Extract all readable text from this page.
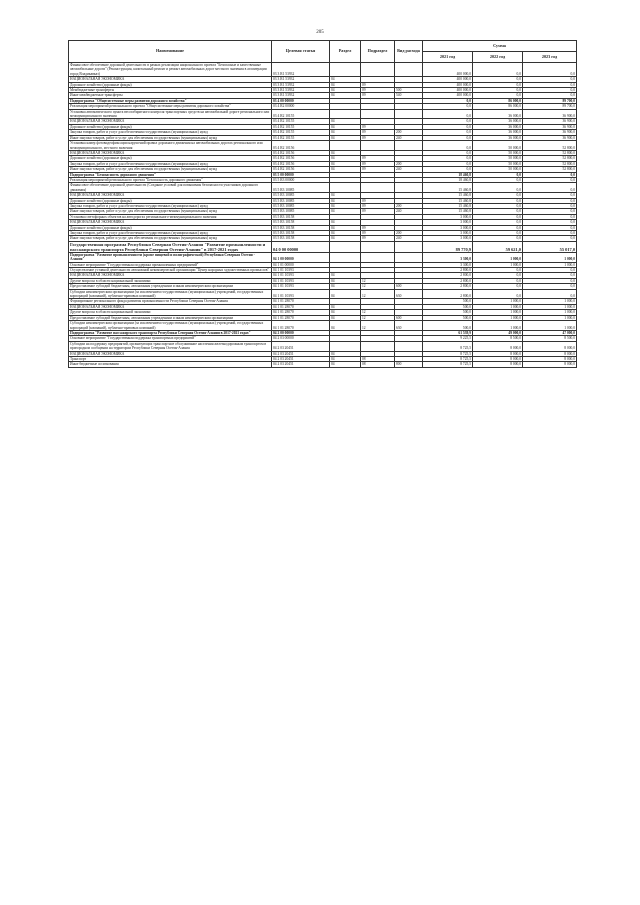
205
Наименование	Целевая статья	Раздел	Подраздел	Вид расхода	Сумма		
					2021 год	2022 год	2023 год
Финансовое обеспечение дорожной деятельности в рамках реализации национального проекта "Безопасные и качественные автомобильные дороги" (Реконструкция, капитальный ремонт и ремонт автомобильных дорог местного значения в агломерации город Владикавказ)	03 3 R1 53932				400 000,0	0,0	0,0
НАЦИОНАЛЬНАЯ ЭКОНОМИКА	03 3 R1 53932	04			400 000,0	0,0	0,0
Дорожное хозяйство (дорожные фонды)	03 3 R1 53932	04	09		400 000,0	0,0	0,0
Межбюджетные трансферты	03 3 R1 53932	04	09	500	400 000,0	0,0	0,0
Иные межбюджетные трансферты	03 3 R1 53932	04	09	540	400 000,0	0,0	0,0
Подпрограмма "Общесистемные меры развития дорожного хозяйства"	03 4 00 00000				0,0	86 000,0	89 700,0
Реализация мероприятий регионального проекта "Общесистемные меры развития дорожного хозяйства"	03 4 R2 00000				0,0	86 000,0	89 700,0
Установка автоматического пункта весогабаритного контроля транспортных средств на автомобильной дороге регионального или межмуниципального значения	03 4 R2 10155				0,0	36 000,0	36 900,0
НАЦИОНАЛЬНАЯ ЭКОНОМИКА	03 4 R2 10155	04			0,0	36 000,0	36 900,0
Дорожное хозяйство (дорожные фонды)	03 4 R2 10155	04	09		0,0	36 000,0	36 900,0
Закупка товаров, работ и услуг для обеспечения государственных (муниципальных) нужд	03 4 R2 10155	04	09	200	0,0	36 000,0	36 900,0
Иные закупки товаров, работ и услуг для обеспечения государственных (муниципальных) нужд	03 4 R2 10155	04	09	240	0,0	36 000,0	36 900,0
Установка камер фотовидеофиксации нарушений правил дорожного движения на автомобильных дорогах регионального или межмуниципального, местного значения	03 4 R2 10156				0,0	50 000,0	52 800,0
НАЦИОНАЛЬНАЯ ЭКОНОМИКА	03 4 R2 10156	04			0,0	50 000,0	52 800,0
Дорожное хозяйство (дорожные фонды)	03 4 R2 10156	04	09		0,0	50 000,0	52 800,0
Закупка товаров, работ и услуг для обеспечения государственных (муниципальных) нужд	03 4 R2 10156	04	09	200	0,0	50 000,0	52 800,0
Иные закупки товаров, работ и услуг для обеспечения государственных (муниципальных) нужд	03 4 R2 10156	04	09	240	0,0	50 000,0	52 800,0
Подпрограмма "Безопасность дорожного движения"	03 5 00 00000				18 460,8	0,0	0,0
Реализация мероприятий регионального проекта "Безопасность дорожного движения"	03 5 R3 00000				18 460,8	0,0	0,0
Финансовое обеспечение дорожной деятельности (Создание условий для повышения безопасности участников дорожного движения)	03 5 R3 10085				15 460,8	0,0	0,0
НАЦИОНАЛЬНАЯ ЭКОНОМИКА	03 5 R3 10085	04			15 460,8	0,0	0,0
Дорожное хозяйство (дорожные фонды)	03 5 R3 10085	04	09		15 460,8	0,0	0,0
Закупка товаров, работ и услуг для обеспечения государственных (муниципальных) нужд	03 5 R3 10085	04	09	200	15 460,8	0,0	0,0
Иные закупки товаров, работ и услуг для обеспечения государственных (муниципальных) нужд	03 5 R3 10085	04	09	240	15 460,8	0,0	0,0
Установка светофорных объектов на автодорогах регионального-межмуниципального значения	03 5 R3 10158				3 000,0	0,0	0,0
НАЦИОНАЛЬНАЯ ЭКОНОМИКА	03 5 R3 10158	04			3 000,0	0,0	0,0
Дорожное хозяйство (дорожные фонды)	03 5 R3 10158	04	09		3 000,0	0,0	0,0
Закупка товаров, работ и услуг для обеспечения государственных (муниципальных) нужд	03 5 R3 10158	04	09	200	3 000,0	0,0	0,0
Иные закупки товаров, работ и услуг для обеспечения государственных (муниципальных) нужд	03 5 R3 10158	04	09	240	3 000,0	0,0	0,0
Государственная программа Республики Северная Осетия-Алания "Развитие промышленности и пассажирского транспорта Республики Северная Осетия-Алания" в 2017-2021 годах	04 0 00 00000				89 770,9	59 621,0	55 017,0
Подпрограмма "Развитие промышленности (кроме пищевой и полиграфической) Республики Северная Осетия - Алания"	04 1 00 00000				3 300,0	1 000,0	1 000,0
Основное мероприятие "Государственная поддержка промышленных предприятий"	04 1 01 00000				3 300,0	1 000,0	1 000,0
Осуществление уставной деятельности автономной некоммерческой организации "Центр народных художественных промыслов"	04 1 01 10393				2 800,0	0,0	0,0
НАЦИОНАЛЬНАЯ ЭКОНОМИКА	04 1 01 10393	04			2 800,0	0,0	0,0
Другие вопросы в области национальной экономики	04 1 01 10393	04	12		2 800,0	0,0	0,0
Предоставление субсидий бюджетным, автономным учреждениям и иным некоммерческим организациям	04 1 01 10393	04	12	600	2 800,0	0,0	0,0
Субсидии некоммерческим организациям (за исключением государственных (муниципальных) учреждений, государственных корпораций (компаний), публично-правовых компаний)	04 1 01 10393	04	12	630	2 800,0	0,0	0,0
Формирование регионального фонда развития промышленности Республики Северная Осетия-Алания	04 1 01 28070				500,0	1 000,0	1 000,0
НАЦИОНАЛЬНАЯ ЭКОНОМИКА	04 1 01 28070	04			500,0	1 000,0	1 000,0
Другие вопросы в области национальной экономики	04 1 01 28070	04	12		500,0	1 000,0	1 000,0
Предоставление субсидий бюджетным, автономным учреждениям и иным некоммерческим организациям	04 1 01 28070	04	12	600	500,0	1 000,0	1 000,0
Субсидии некоммерческим организациям (за исключением государственных (муниципальных) учреждений, государственных корпораций (компаний), публично-правовых компаний)	04 1 01 28070	04	12	630	500,0	1 000,0	1 000,0
Подпрограмма "Развитие пассажирского транспорта Республики Северная Осетия-Алания в 2017-2021 годах"	04 2 00 00000				61 539,9	49 000,0	47 000,0
Основное мероприятие "Государственная поддержка транспортных предприятий"	04 2 03 00000				9 225,5	8 500,0	8 500,0
Субсидии на поддержку предприятий, организующих транспортное обслуживание населения железнодорожным транспортом в пригородном сообщении на территории Республики Северная Осетия-Алания	04 2 03 20451				8 725,5	8 000,0	8 000,0
НАЦИОНАЛЬНАЯ ЭКОНОМИКА	04 2 03 20451	04			8 725,5	8 000,0	8 000,0
Транспорт	04 2 03 20451	04	08		8 725,5	8 000,0	8 000,0
Иные бюджетные ассигнования	04 2 03 20451	04	08	800	8 725,5	8 000,0	8 000,0
